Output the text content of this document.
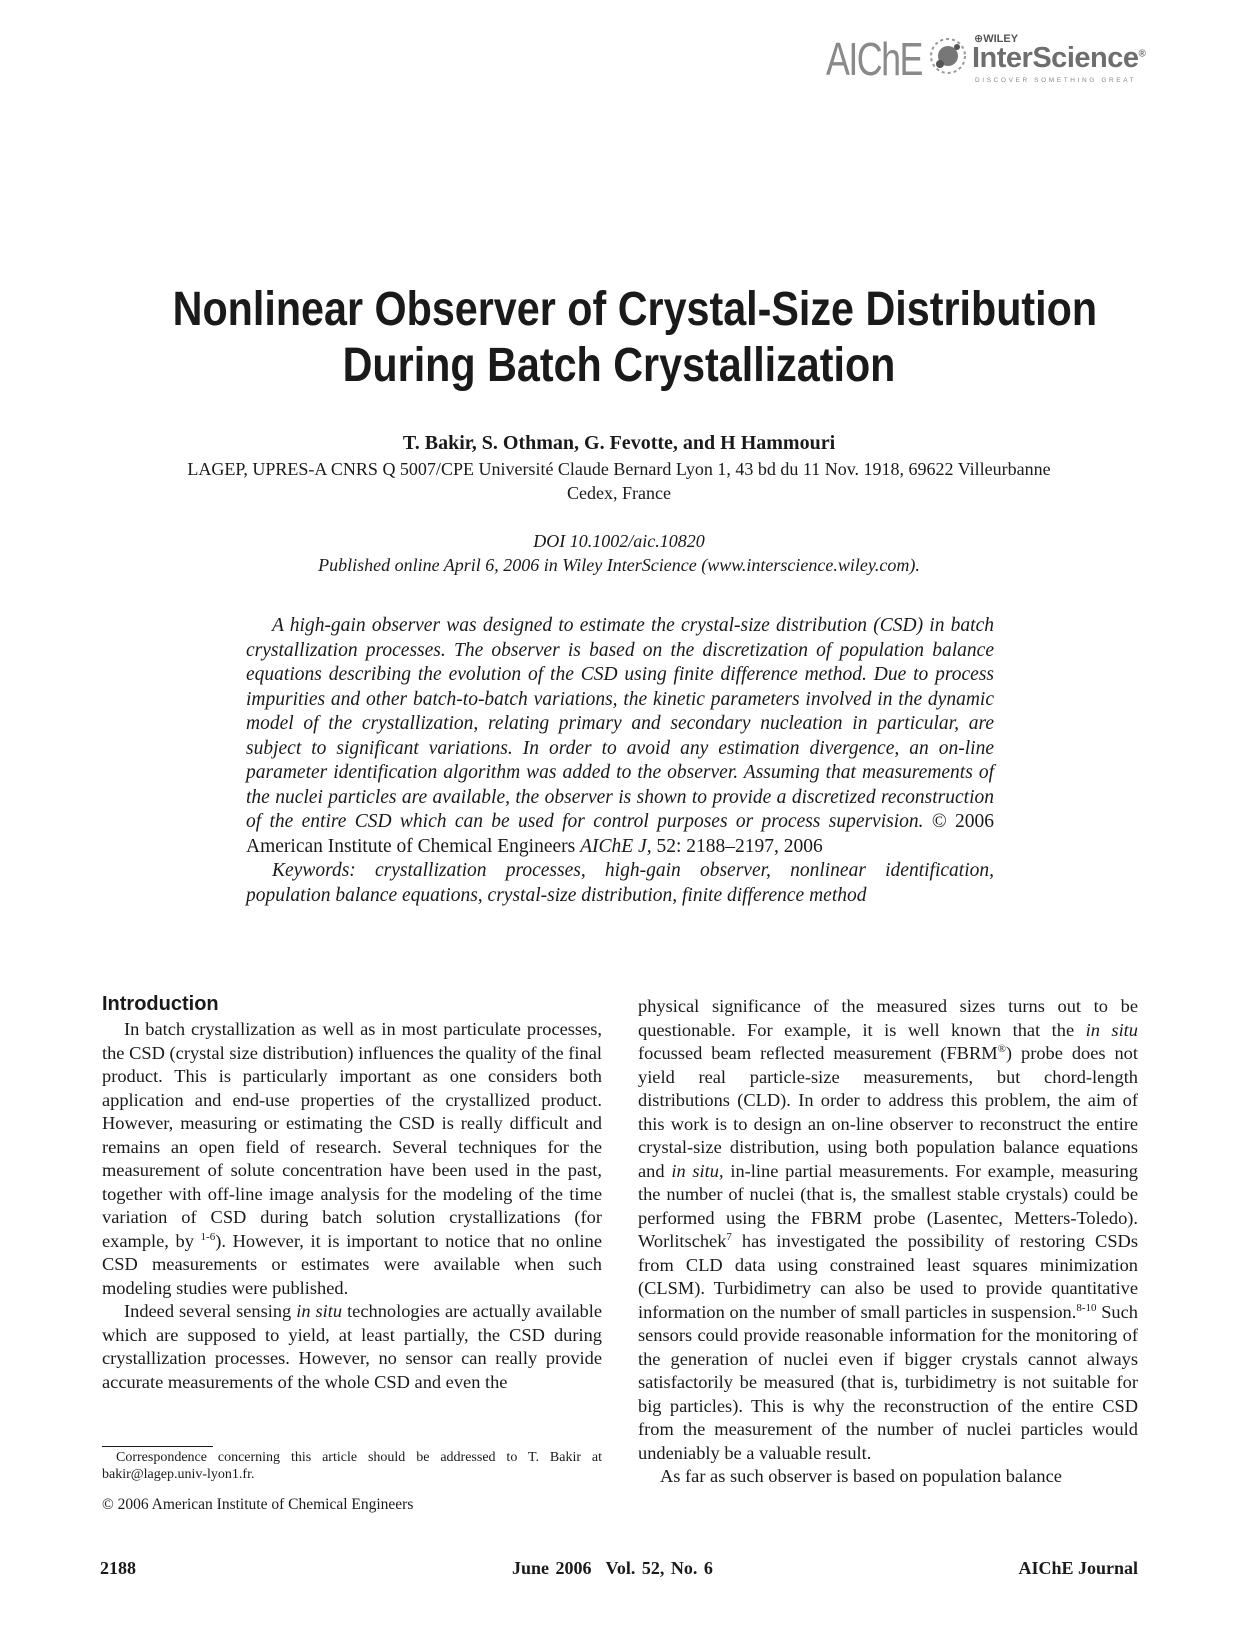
AIChE	⊕WILEY
InterScience®
DISCOVER SOMETHING GREAT
Nonlinear Observer of Crystal-Size Distribution
During Batch Crystallization
T. Bakir, S. Othman, G. Fevotte, and H Hammouri
LAGEP, UPRES-A CNRS Q 5007/CPE Université Claude Bernard Lyon 1, 43 bd du 11 Nov. 1918, 69622 Villeurbanne
Cedex, France
DOI 10.1002/aic.10820
Published online April 6, 2006 in Wiley InterScience (www.interscience.wiley.com).

A high-gain observer was designed to estimate the crystal-size distribution (CSD) in batch crystallization processes. The observer is based on the discretization of population balance equations describing the evolution of the CSD using finite difference method. Due to process impurities and other batch-to-batch variations, the kinetic parameters involved in the dynamic model of the crystallization, relating primary and secondary nucleation in particular, are subject to significant variations. In order to avoid any estimation divergence, an on-line parameter identification algorithm was added to the observer. Assuming that measurements of the nuclei particles are available, the observer is shown to provide a discretized reconstruction of the entire CSD which can be used for control purposes or process supervision. © 2006 American Institute of Chemical Engineers AIChE J, 52: 2188–2197, 2006

Keywords: crystallization processes, high-gain observer, nonlinear identification, population balance equations, crystal-size distribution, finite difference method

Introduction

In batch crystallization as well as in most particulate processes, the CSD (crystal size distribution) influences the quality of the final product. This is particularly important as one considers both application and end-use properties of the crystallized product. However, measuring or estimating the CSD is really difficult and remains an open field of research. Several techniques for the measurement of solute concentration have been used in the past, together with off-line image analysis for the modeling of the time variation of CSD during batch solution crystallizations (for example, by $^{1-6}$). However, it is important to notice that no online CSD measurements or estimates were available when such modeling studies were published.

Indeed several sensing in situ technologies are actually available which are supposed to yield, at least partially, the CSD during crystallization processes. However, no sensor can really provide accurate measurements of the whole CSD and even the

physical significance of the measured sizes turns out to be questionable. For example, it is well known that the in situ focussed beam reflected measurement (FBRM®) probe does not yield real particle-size measurements, but chord-length distributions (CLD). In order to address this problem, the aim of this work is to design an on-line observer to reconstruct the entire crystal-size distribution, using both population balance equations and in situ, in-line partial measurements. For example, measuring the number of nuclei (that is, the smallest stable crystals) could be performed using the FBRM probe (Lasentec, Metters-Toledo). Worlitschek$^7$ has investigated the possibility of restoring CSDs from CLD data using constrained least squares minimization (CLSM). Turbidimetry can also be used to provide quantitative information on the number of small particles in suspension.$^{8-10}$ Such sensors could provide reasonable information for the monitoring of the generation of nuclei even if bigger crystals cannot always satisfactorily be measured (that is, turbidimetry is not suitable for big particles). This is why the reconstruction of the entire CSD from the measurement of the number of nuclei particles would undeniably be a valuable result.

As far as such observer is based on population balance

Correspondence concerning this article should be addressed to T. Bakir at bakir@lagep.univ-lyon1.fr.
© 2006 American Institute of Chemical Engineers
2188	June 2006 Vol. 52, No. 6	AIChE Journal
